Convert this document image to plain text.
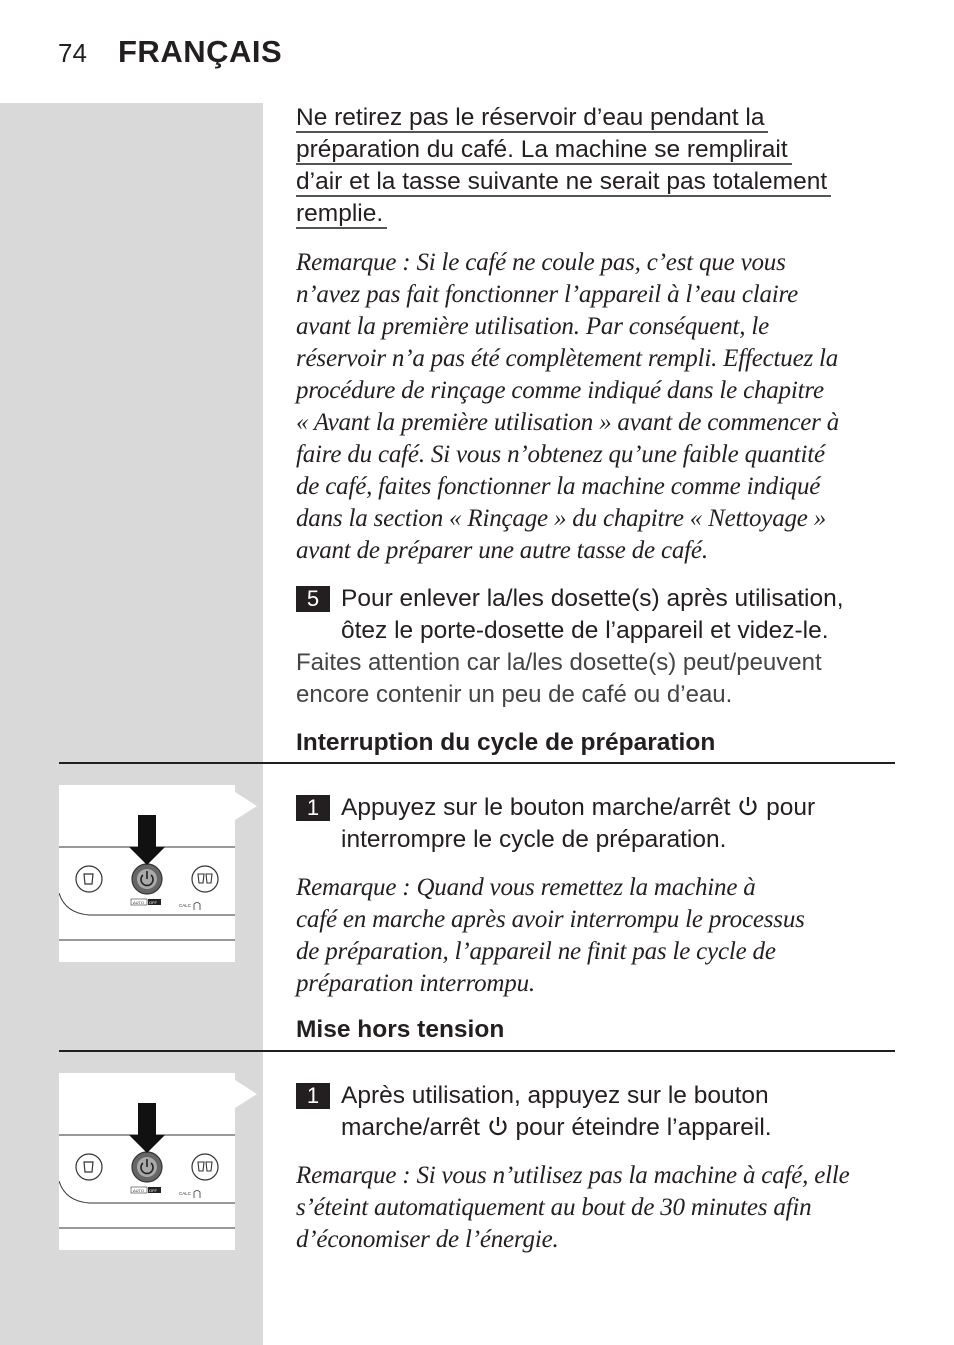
74 FRANÇAIS
Ne retirez pas le réservoir d’eau pendant la
préparation du café. La machine se remplirait
d’air et la tasse suivante ne serait pas totalement
remplie.
Remarque : Si le café ne coule pas, c’est que vous
n’avez pas fait fonctionner l’appareil à l’eau claire
avant la première utilisation. Par conséquent, le
réservoir n’a pas été complètement rempli. Effectuez la
procédure de rinçage comme indiqué dans le chapitre
« Avant la première utilisation » avant de commencer à
faire du café. Si vous n’obtenez qu’une faible quantité
de café, faites fonctionner la machine comme indiqué
dans la section « Rinçage » du chapitre « Nettoyage »
avant de préparer une autre tasse de café.
5 Pour enlever la/les dosette(s) après utilisation,
ôtez le porte-dosette de l’appareil et videz-le.
Faites attention car la/les dosette(s) peut/peuvent
encore contenir un peu de café ou d’eau.
Interruption du cycle de préparation
AUTO OFF
CALC
1 Appuyez sur le bouton marche/arrêt pour
interrompre le cycle de préparation.
Remarque : Quand vous remettez la machine à
café en marche après avoir interrompu le processus
de préparation, l’appareil ne finit pas le cycle de
préparation interrompu.
Mise hors tension
AUTO OFF
CALC
1 Après utilisation, appuyez sur le bouton
marche/arrêt pour éteindre l’appareil.
Remarque : Si vous n’utilisez pas la machine à café, elle
s’éteint automatiquement au bout de 30 minutes afin
d’économiser de l’énergie.
